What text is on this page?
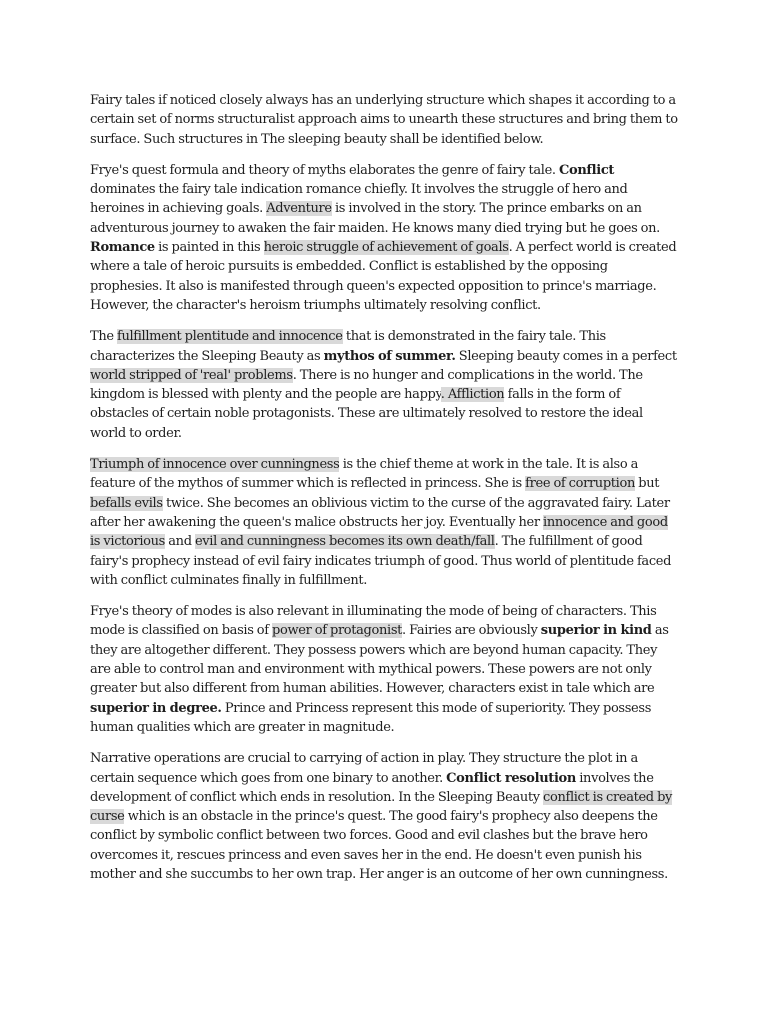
Fairy tales if noticed closely always has an underlying structure which shapes it according to a certain set of norms structuralist approach aims to unearth these structures and bring them to surface. Such structures in The sleeping beauty shall be identified below.

Frye's quest formula and theory of myths elaborates the genre of fairy tale. Conflict dominates the fairy tale indication romance chiefly. It involves the struggle of hero and heroines in achieving goals. Adventure is involved in the story. The prince embarks on an adventurous journey to awaken the fair maiden. He knows many died trying but he goes on. Romance is painted in this heroic struggle of achievement of goals. A perfect world is created where a tale of heroic pursuits is embedded. Conflict is established by the opposing prophesies. It also is manifested through queen's expected opposition to prince's marriage. However, the character's heroism triumphs ultimately resolving conflict.

The fulfillment plentitude and innocence that is demonstrated in the fairy tale. This characterizes the Sleeping Beauty as mythos of summer. Sleeping beauty comes in a perfect world stripped of 'real' problems. There is no hunger and complications in the world. The kingdom is blessed with plenty and the people are happy. Affliction falls in the form of obstacles of certain noble protagonists. These are ultimately resolved to restore the ideal world to order.

Triumph of innocence over cunningness is the chief theme at work in the tale. It is also a feature of the mythos of summer which is reflected in princess. She is free of corruption but befalls evils twice. She becomes an oblivious victim to the curse of the aggravated fairy. Later after her awakening the queen's malice obstructs her joy. Eventually her innocence and good is victorious and evil and cunningness becomes its own death/fall. The fulfillment of good fairy's prophecy instead of evil fairy indicates triumph of good. Thus world of plentitude faced with conflict culminates finally in fulfillment.

Frye's theory of modes is also relevant in illuminating the mode of being of characters. This mode is classified on basis of power of protagonist. Fairies are obviously superior in kind as they are altogether different. They possess powers which are beyond human capacity. They are able to control man and environment with mythical powers. These powers are not only greater but also different from human abilities. However, characters exist in tale which are superior in degree. Prince and Princess represent this mode of superiority. They possess human qualities which are greater in magnitude.

Narrative operations are crucial to carrying of action in play. They structure the plot in a certain sequence which goes from one binary to another. Conflict resolution involves the development of conflict which ends in resolution. In the Sleeping Beauty conflict is created by curse which is an obstacle in the prince's quest. The good fairy's prophecy also deepens the conflict by symbolic conflict between two forces. Good and evil clashes but the brave hero overcomes it, rescues princess and even saves her in the end. He doesn't even punish his mother and she succumbs to her own trap. Her anger is an outcome of her own cunningness.
